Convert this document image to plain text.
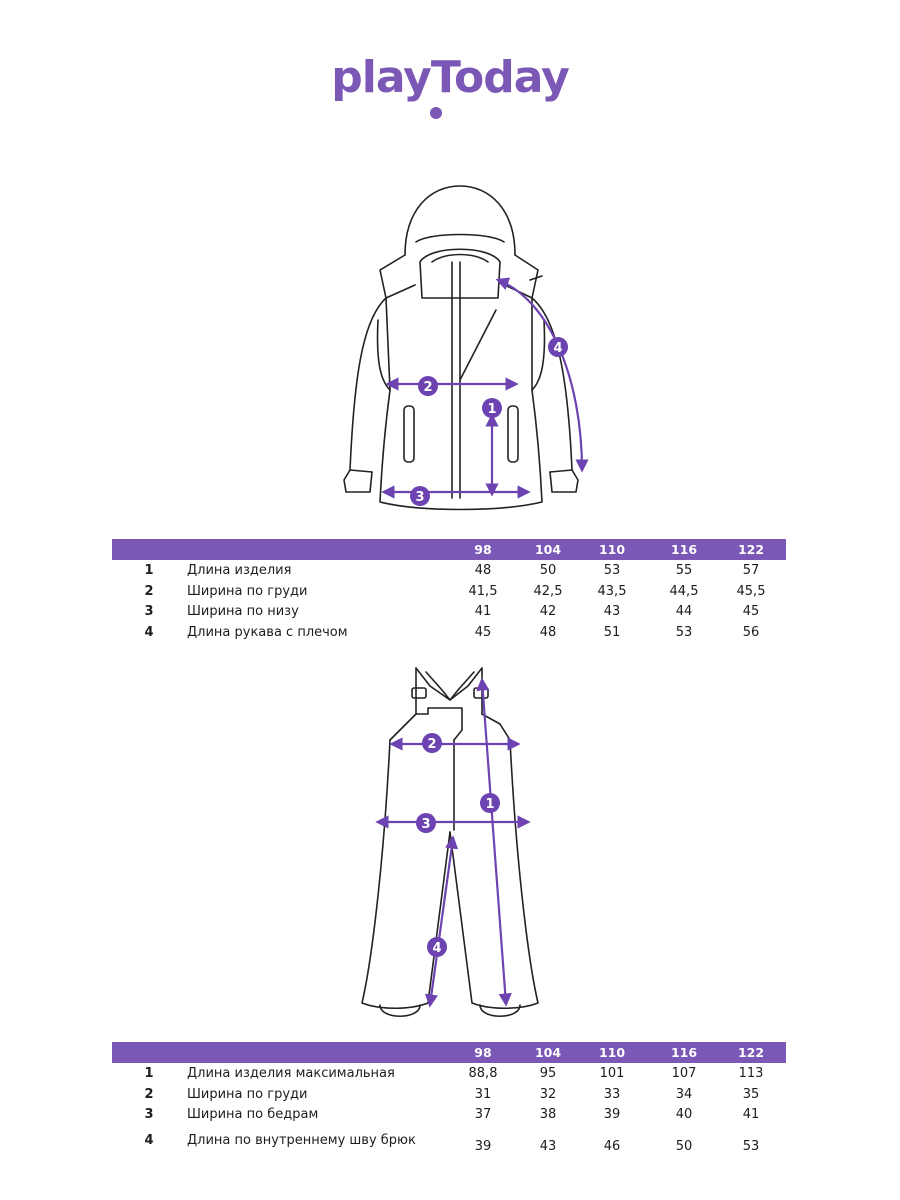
playToday
2
1
3
4
98	104	110	116	122
1	Длина изделия	48	50	53	55	57
2	Ширина по груди	41,5	42,5	43,5	44,5	45,5
3	Ширина по низу	41	42	43	44	45
4	Длина рукава с плечом	45	48	51	53	56
2
1
3
4
98	104	110	116	122
1	Длина изделия максимальная	88,8	95	101	107	113
2	Ширина по груди	31	32	33	34	35
3	Ширина по бедрам	37	38	39	40	41
4	Длина по внутреннему шву брюк	39	43	46	50	53
